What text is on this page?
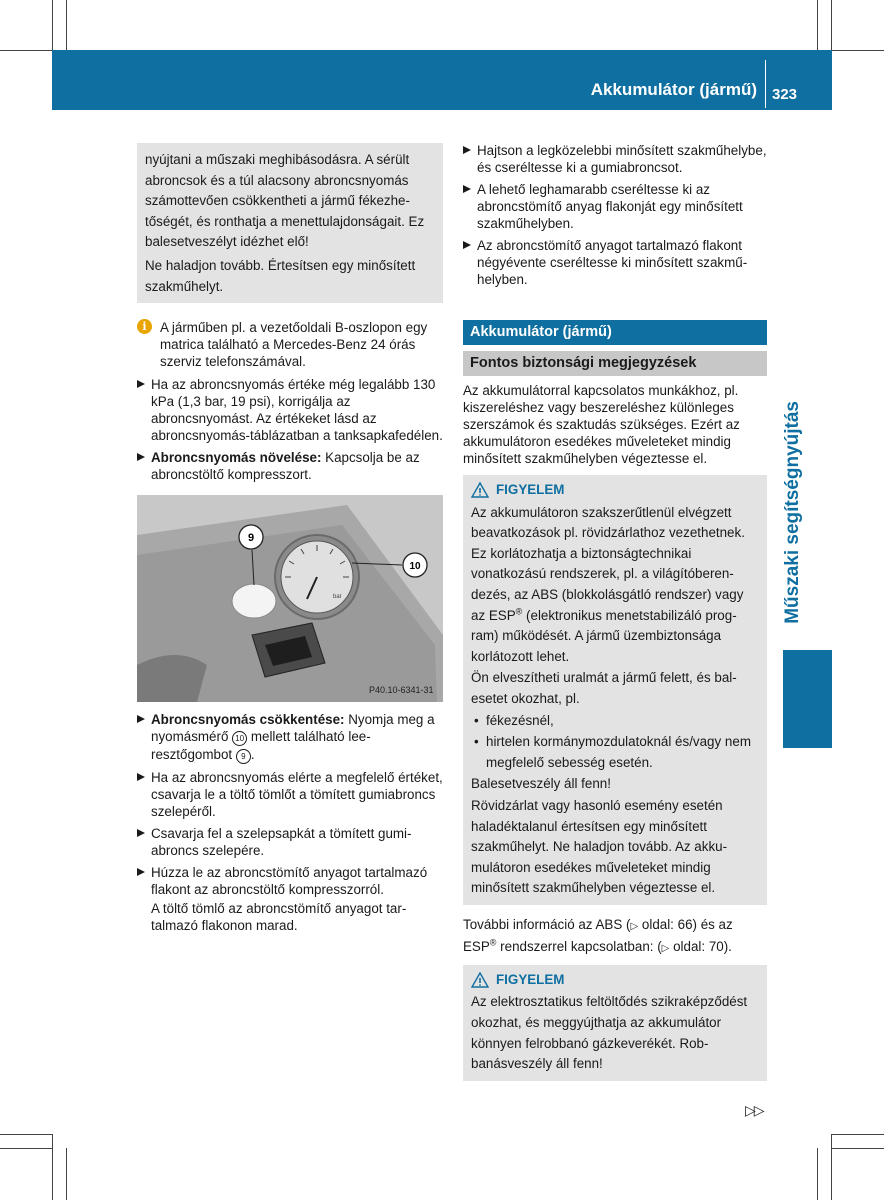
Akkumulátor (jármű) 323
Műszaki segítségnyújtás

nyújtani a műszaki meghibásodásra. A sérült abroncsok és a túl alacsony abroncsnyomás számottevően csökkentheti a jármű fékezhetőségét, és ronthatja a menettulajdonságait. Ez balesetveszélyt idézhet elő!

Ne haladjon tovább. Értesítsen egy minősített szakműhelyt.

i	A járműben pl. a vezetőoldali B-oszlopon egy matrica található a Mercedes-Benz 24 órás szerviz telefonszámával.
Ha az abroncsnyomás értéke még legalább 130 kPa (1,3 bar, 19 psi), korrigálja az abroncsnyomást. Az értékeket lásd az abroncsnyomás-táblázatban a tanksapkafedélen.
Abroncsnyomás növelése: Kapcsolja be az abroncstöltő kompresszort.
bar
9
10
P40.10-6341-31
Abroncsnyomás csökkentése: Nyomja meg a nyomásmérő 10 mellett található leeresztőgombot 9 .
Ha az abroncsnyomás elérte a megfelelő értéket, csavarja le a töltő tömlőt a tömített gumiabroncs szelepéről.
Csavarja fel a szelepsapkát a tömített gumiabroncs szelepére.
Húzza le az abroncstömítő anyagot tartalmazó flakont az abroncstöltő kompresszorról.

A töltő tömlő az abroncstömítő anyagot tartalmazó flakonon marad.

Hajtson a legközelebbi minősített szakműhelybe, és cseréltesse ki a gumiabroncsot.
A lehető leghamarabb cseréltesse ki az abroncstömítő anyag flakonját egy minősített szakműhelyben.
Az abroncstömítő anyagot tartalmazó flakont négyévente cseréltesse ki minősített szakműhelyben.
Akkumulátor (jármű)
Fontos biztonsági megjegyzések

Az akkumulátorral kapcsolatos munkákhoz, pl. kiszereléshez vagy beszereléshez különleges szerszámok és szaktudás szükséges. Ezért az akkumulátoron esedékes műveleteket mindig minősített szakműhelyben végeztesse el.

FIGYELEM

Az akkumulátoron szakszerűtlenül elvégzett beavatkozások pl. rövidzárlathoz vezethetnek. Ez korlátozhatja a biztonságtechnikai vonatkozású rendszerek, pl. a világítóberendezés, az ABS (blokkolásgátló rendszer) vagy az ESP® (elektronikus menetstabilizáló program) működését. A jármű üzembiztonsága korlátozott lehet.

Ön elveszítheti uralmát a jármű felett, és balesetet okozhat, pl.

• fékezésnél,

• hirtelen kormánymozdulatoknál és/vagy nem megfelelő sebesség esetén.

Balesetveszély áll fenn!

Rövidzárlat vagy hasonló esemény esetén haladéktalanul értesítsen egy minősített szakműhelyt. Ne haladjon tovább. Az akkumulátoron esedékes műveleteket mindig minősített szakműhelyben végeztesse el.

További információ az ABS (▷ oldal: 66) és az ESP® rendszerrel kapcsolatban: (▷ oldal: 70).

FIGYELEM

Az elektrosztatikus feltöltődés szikraképződést okozhat, és meggyújthatja az akkumulátor könnyen felrobbanó gázkeverékét. Robbanásveszély áll fenn!

▷▷
